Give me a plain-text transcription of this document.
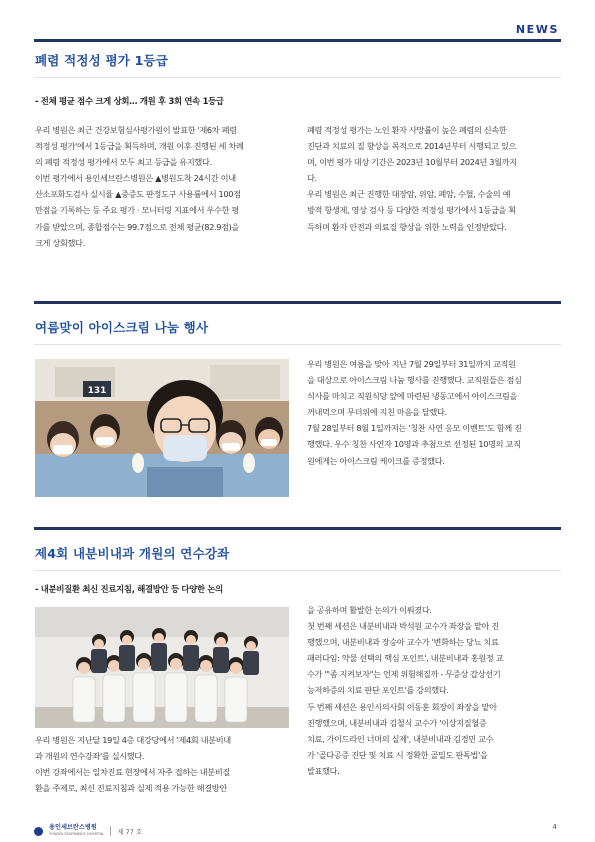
NEWS
폐렴 적정성 평가 1등급
- 전체 평균 점수 크게 상회… 개원 후 3회 연속 1등급

우리 병원은 최근 건강보험심사평가원이 발표한 '제6차 폐렴
적정성 평가'에서 1등급을 획득하며, 개원 이후 진행된 세 차례
의 폐렴 적정성 평가에서 모두 최고 등급을 유지했다.
이번 평가에서 용인세브란스병원은 ▲병원도착 24시간 이내
산소포화도검사 실시율 ▲중증도 판정도구 사용률에서 100점
만점을 기록하는 등 주요 평가 · 모니터링 지표에서 우수한 평
가를 받았으며, 종합점수는 99.7점으로 전체 평균(82.9점)을
크게 상회했다.

폐렴 적정성 평가는 노인 환자 사망률이 높은 폐렴의 신속한
진단과 치료의 질 향상을 목적으로 2014년부터 시행되고 있으
며, 이번 평가 대상 기간은 2023년 10월부터 2024년 3월까지
다.
우리 병원은 최근 진행한 대장암, 위암, 폐암, 수혈, 수술의 예
방적 항생제, 영상 검사 등 다양한 적정성 평가에서 1등급을 획
득하며 환자 안전과 의료질 향상을 위한 노력을 인정받았다.

여름맞이 아이스크림 나눔 행사
131

우리 병원은 여름을 맞아 지난 7월 29일부터 31일까지 교직원
을 대상으로 아이스크림 나눔 행사를 진행했다. 교직원들은 점심
식사를 마치고 직원식당 앞에 마련된 냉동고에서 아이스크림을
꺼내먹으며 무더위에 지친 마음을 달랬다.
7월 28일부터 8월 1일까지는 '칭찬 사연 응모 이벤트'도 함께 진
행했다. 우수 칭찬 사연자 10명과 추첨으로 선정된 10명의 교직
원에게는 아이스크림 케이크를 증정했다.

제4회 내분비내과 개원의 연수강좌
- 내분비질환 최신 진료지침, 해결방안 등 다양한 논의

우리 병원은 지난달 19일 4층 대강당에서 '제4회 내분비내
과 개원의 연수강좌'를 실시했다.
이번 강좌에서는 일차진료 현장에서 자주 접하는 내분비질
환을 주제로, 최신 진료지침과 실제 적용 가능한 해결방안

을 공유하며 활발한 논의가 이뤄졌다.
첫 번째 세션은 내분비내과 박석원 교수가 좌장을 맡아 진
행했으며, 내분비내과 장승아 교수가 '변화하는 당뇨 치료
패러다임: 약물 선택의 핵심 포인트', 내분비내과 홍원정 교
수가 '"좀 지켜보자"는 언제 위험해질까 - 무증상 갑상선기
능저하증의 치료 판단 포인트'를 강의했다.
두 번째 세션은 용인시의사회 이동훈 회장이 좌장을 맡아
진행했으며, 내분비내과 김철식 교수가 '이상지질혈증
치료, 가이드라인 너머의 실제', 내분비내과 김경민 교수
가 '골다공증 진단 및 치료 시 정확한 골밀도 판독법'을
발표했다.

용인세브란스병원
YONGIN SEVERANCE HOSPITAL 제 77 호
4
